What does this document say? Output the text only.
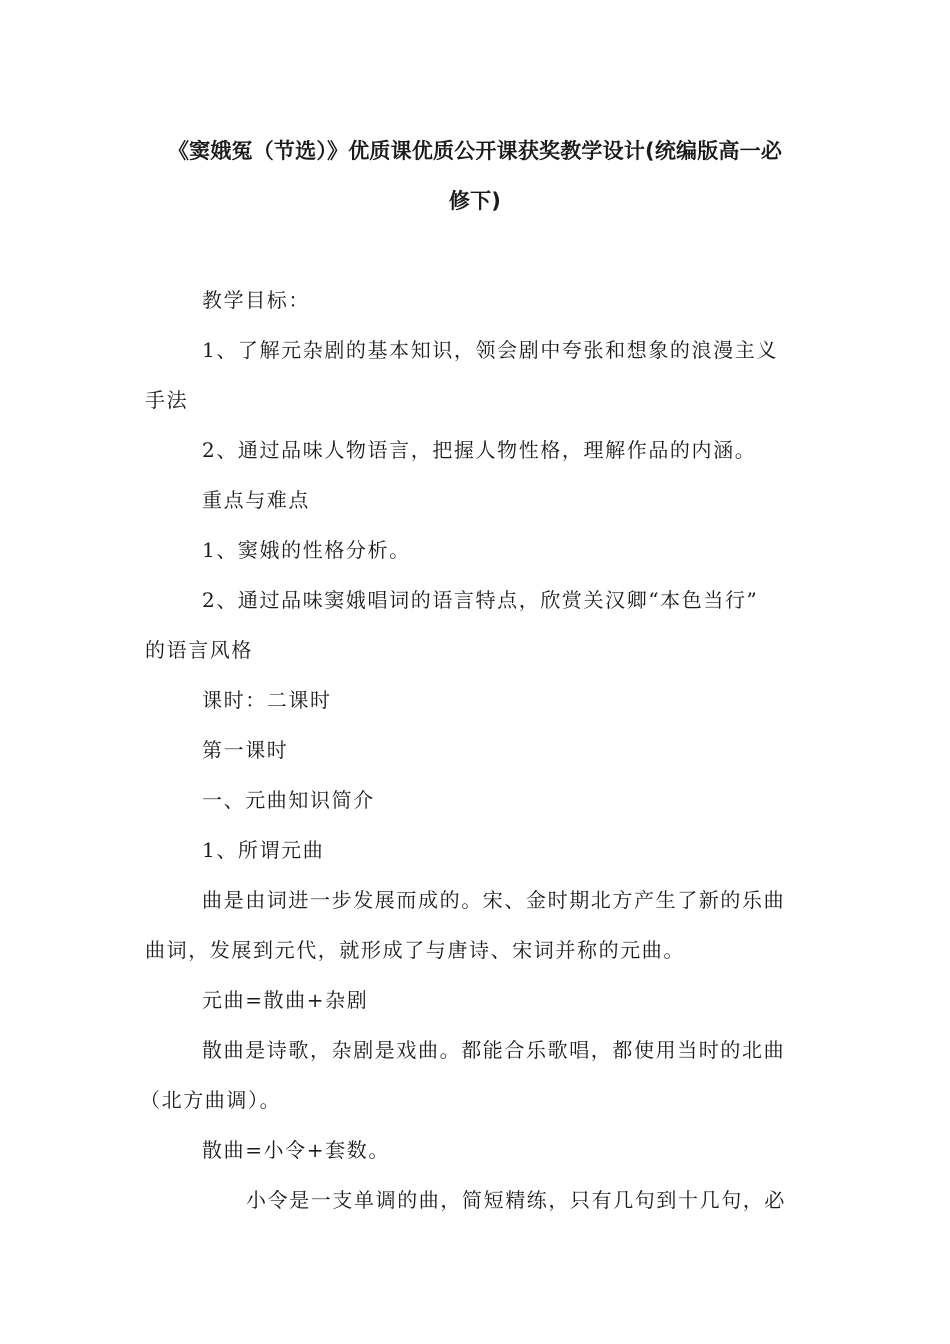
《窦娥冤（节选）》优质课优质公开课获奖教学设计(统编版高一必
修下)
教学目标：
1、了解元杂剧的基本知识，领会剧中夸张和想象的浪漫主义
手法
2、通过品味人物语言，把握人物性格，理解作品的内涵。
重点与难点
1、窦娥的性格分析。
2、通过品味窦娥唱词的语言特点，欣赏关汉卿“本色当行”
的语言风格
课时：二课时
第一课时
一、元曲知识简介
1、所谓元曲
曲是由词进一步发展而成的。宋、金时期北方产生了新的乐曲
曲词，发展到元代，就形成了与唐诗、宋词并称的元曲。
元曲=散曲+杂剧
散曲是诗歌，杂剧是戏曲。都能合乐歌唱，都使用当时的北曲
（北方曲调）。
散曲=小令+套数。
小令是一支单调的曲，简短精练，只有几句到十几句，必
